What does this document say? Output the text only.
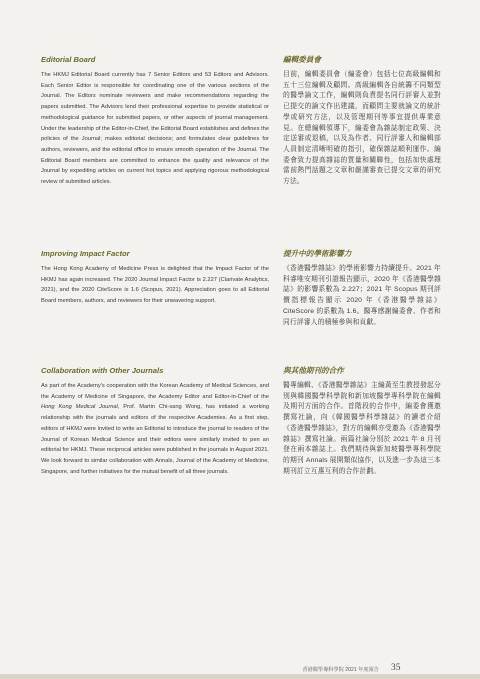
Editorial Board

The HKMJ Editorial Board currently has 7 Senior Editors and 53 Editors and Advisors. Each Senior Editor is responsible for coordinating one of the various sections of the Journal. The Editors nominate reviewers and make recommendations regarding the papers submitted. The Advisors lend their professional expertise to provide statistical or methodological guidance for submitted papers, or other aspects of journal management. Under the leadership of the Editor-in-Chief, the Editorial Board establishes and defines the policies of the Journal; makes editorial decisions; and formulates clear guidelines for authors, reviewers, and the editorial office to ensure smooth operation of the Journal. The Editorial Board members are committed to enhance the quality and relevance of the Journal by expediting articles on current hot topics and applying rigorous methodological review of submitted articles.

編輯委員會

目前，編輯委員會（編委會）包括七位高級編輯和五十三位編輯及顧問。高級編輯各自統籌不同類型的醫學論文工作，編輯則負責提名同行評審人並對已提交的論文作出建議，而顧問主要就論文的統計學或研究方法，以及管理期刊等事宜提供專業意見。在總編輯領導下，編委會為雜誌制定政策、決定送審或退稿，以及為作者、同行評審人和編輯部人員制定清晰明確的指引，確保雜誌順利運作。編委會致力提高雜誌的質量和關聯性，包括加快處理當前熱門話題之文章和嚴謹審查已提交文章的研究方法。

Improving Impact Factor

The Hong Kong Academy of Medicine Press is delighted that the Impact Factor of the HKMJ has again increased. The 2020 Journal Impact Factor is 2.227 (Clarivate Analytics, 2021), and the 2020 CiteScore is 1.6 (Scopus, 2021). Appreciation goes to all Editorial Board members, authors, and reviewers for their unwavering support.

提升中的學術影響力

《香港醫學雜誌》的學術影響力持續提升。2021 年科睿唯安期刊引證報告顯示，2020 年《香港醫學雜誌》的影響系數為 2.227；2021 年 Scopus 期刊評價指標報告顯示 2020 年《香港醫學雜誌》CiteScore 的系數為 1.6。醫專感謝編委會、作者和同行評審人的積極參與和貢獻。

Collaboration with Other Journals

As part of the Academy's cooperation with the Korean Academy of Medical Sciences, and the Academy of Medicine of Singapore, the Academy Editor and Editor-in-Chief of the Hong Kong Medical Journal, Prof. Martin Chi-sang Wong, has initiated a working relationship with the journals and editors of the respective Academies. As a first step, editors of HKMJ were invited to write an Editorial to introduce the journal to readers of the Journal of Korean Medical Science and their editors were similarly invited to pen an editorial for HKMJ. These reciprocal articles were published in the journals in August 2021. We look forward to similar collaboration with Annals, Journal of the Academy of Medicine, Singapore, and further initiatives for the mutual benefit of all three journals.

與其他期刊的合作

醫專編輯、《香港醫學雜誌》主編黃至生教授發起分別與韓國醫學科學院和新加坡醫學專科學院在編輯及期刊方面的合作。首階段的合作中，編委會獲邀撰寫社論，向《韓國醫學科學雜誌》的讀者介紹《香港醫學雜誌》，對方的編輯亦受邀為《香港醫學雜誌》撰寫社論。兩篇社論分別於 2021 年 8 月刊登在兩本雜誌上。我們期待與新加坡醫學專科學院的期刊 Annals 展開類似協作，以及進一步為這三本期刊訂立互惠互利的合作計劃。

香港醫學專科學院 2021 年度報告 35
